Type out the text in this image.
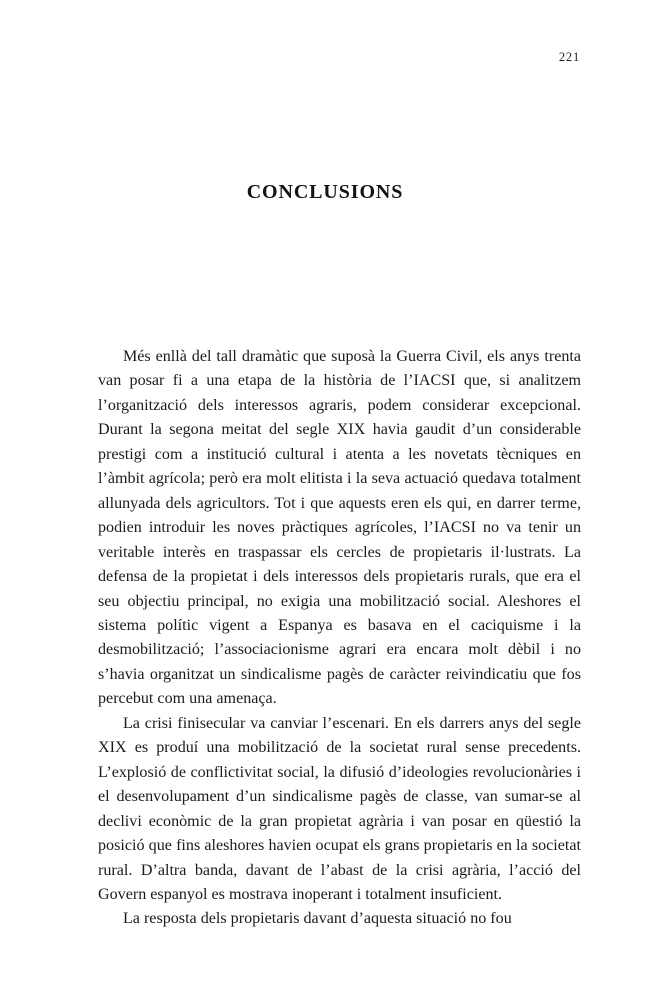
221
CONCLUSIONS

Més enllà del tall dramàtic que suposà la Guerra Civil, els anys trenta van posar fi a una etapa de la història de l’IACSI que, si analitzem l’organització dels interessos agraris, podem considerar excepcional. Durant la segona meitat del segle XIX havia gaudit d’un considerable prestigi com a institució cultural i atenta a les novetats tècniques en l’àmbit agrícola; però era molt elitista i la seva actuació quedava totalment allunyada dels agricultors. Tot i que aquests eren els qui, en darrer terme, podien introduir les noves pràctiques agrícoles, l’IACSI no va tenir un veritable interès en traspassar els cercles de propietaris il·lustrats. La defensa de la propietat i dels interessos dels propietaris rurals, que era el seu objectiu principal, no exigia una mobilització social. Aleshores el sistema polític vigent a Espanya es basava en el caciquisme i la desmobilització; l’associacionisme agrari era encara molt dèbil i no s’havia organitzat un sindicalisme pagès de caràcter reivindicatiu que fos percebut com una amenaça.

La crisi finisecular va canviar l’escenari. En els darrers anys del segle XIX es produí una mobilització de la societat rural sense precedents. L’explosió de conflictivitat social, la difusió d’ideologies revolucionàries i el desenvolupament d’un sindicalisme pagès de classe, van sumar-se al declivi econòmic de la gran propietat agrària i van posar en qüestió la posició que fins aleshores havien ocupat els grans propietaris en la societat rural. D’altra banda, davant de l’abast de la crisi agrària, l’acció del Govern espanyol es mostrava inoperant i totalment insuficient.

La resposta dels propietaris davant d’aquesta situació no fou
